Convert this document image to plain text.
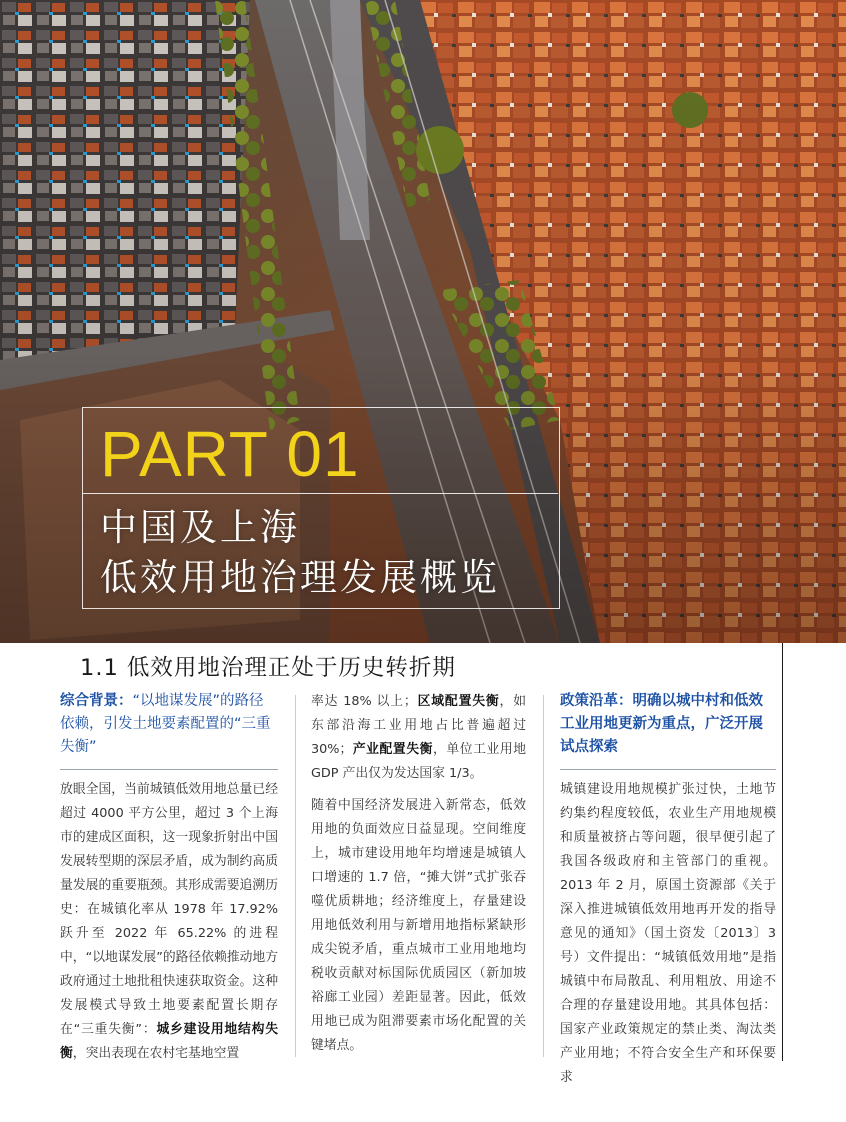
PART 01
中国及上海
低效用地治理发展概览
1.1 低效用地治理正处于历史转折期

综合背景：“以地谋发展”的路径依赖，引发土地要素配置的“三重失衡”

放眼全国，当前城镇低效用地总量已经超过 4000 平方公里，超过 3 个上海市的建成区面积，这一现象折射出中国发展转型期的深层矛盾，成为制约高质量发展的重要瓶颈。其形成需要追溯历史：在城镇化率从 1978 年 17.92% 跃升至 2022 年 65.22% 的进程中，“以地谋发展”的路径依赖推动地方政府通过土地批租快速获取资金。这种发展模式导致土地要素配置长期存在“三重失衡”：城乡建设用地结构失衡，突出表现在农村宅基地空置

率达 18% 以上；区域配置失衡，如东部沿海工业用地占比普遍超过 30%；产业配置失衡，单位工业用地 GDP 产出仅为发达国家 1/3。

随着中国经济发展进入新常态，低效用地的负面效应日益显现。空间维度上，城市建设用地年均增速是城镇人口增速的 1.7 倍，“摊大饼”式扩张吞噬优质耕地；经济维度上，存量建设用地低效利用与新增用地指标紧缺形成尖锐矛盾，重点城市工业用地地均税收贡献对标国际优质园区（新加坡裕廊工业园）差距显著。因此，低效用地已成为阻滞要素市场化配置的关键堵点。

政策沿革：明确以城中村和低效工业用地更新为重点，广泛开展试点探索

城镇建设用地规模扩张过快，土地节约集约程度较低，农业生产用地规模和质量被挤占等问题，很早便引起了我国各级政府和主管部门的重视。2013 年 2 月，原国土资源部《关于深入推进城镇低效用地再开发的指导意见的通知》（国土资发〔2013〕3 号）文件提出：“城镇低效用地”是指城镇中布局散乱、利用粗放、用途不合理的存量建设用地。其具体包括：国家产业政策规定的禁止类、淘汰类产业用地；不符合安全生产和环保要求
